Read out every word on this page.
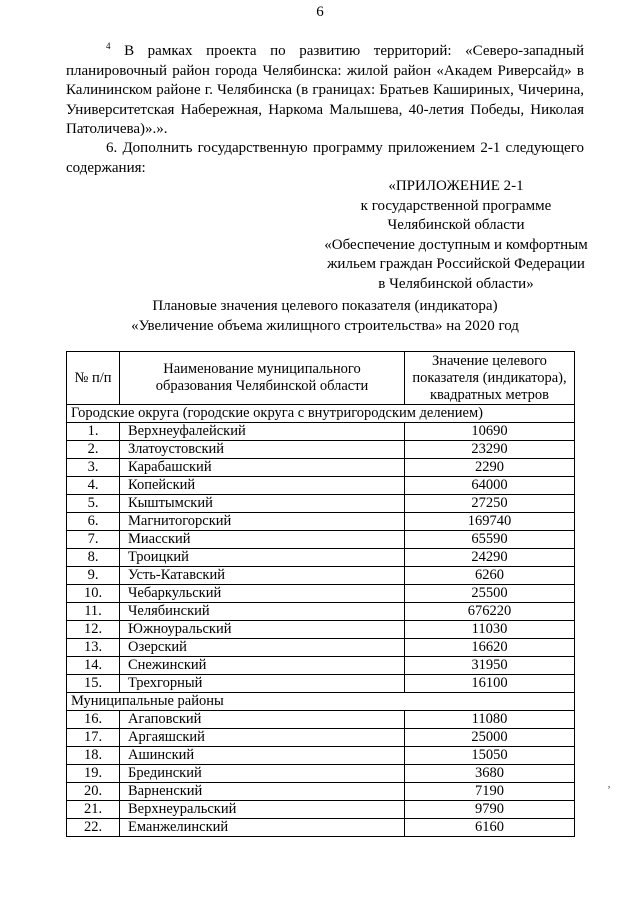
6
$^4$ В рамках проекта по развитию территорий: «Северо-западный планировочный район города Челябинска: жилой район «Академ Риверсайд» в Калининском районе г. Челябинска (в границах: Братьев Кашириных, Чичерина, Университетская Набережная, Наркома Малышева, 40-летия Победы, Николая Патоличева)».».
6. Дополнить государственную программу приложением 2-1 следующего содержания:
«ПРИЛОЖЕНИЕ 2-1
к государственной программе
Челябинской области
«Обеспечение доступным и комфортным
жильем граждан Российской Федерации
в Челябинской области»
Плановые значения целевого показателя (индикатора)
«Увеличение объема жилищного строительства» на 2020 год
№ п/п	Наименование муниципального образования Челябинской области	Значение целевого показателя (индикатора), квадратных метров
Городские округа (городские округа с внутригородским делением)		
1.	Верхнеуфалейский	10690
2.	Златоустовский	23290
3.	Карабашский	2290
4.	Копейский	64000
5.	Кыштымский	27250
6.	Магнитогорский	169740
7.	Миасский	65590
8.	Троицкий	24290
9.	Усть-Катавский	6260
10.	Чебаркульский	25500
11.	Челябинский	676220
12.	Южноуральский	11030
13.	Озерский	16620
14.	Снежинский	31950
15.	Трехгорный	16100
Муниципальные районы		
16.	Агаповский	11080
17.	Аргаяшский	25000
18.	Ашинский	15050
19.	Брединский	3680
20.	Варненский	7190
21.	Верхнеуральский	9790
22.	Еманжелинский	6160
ʼ
